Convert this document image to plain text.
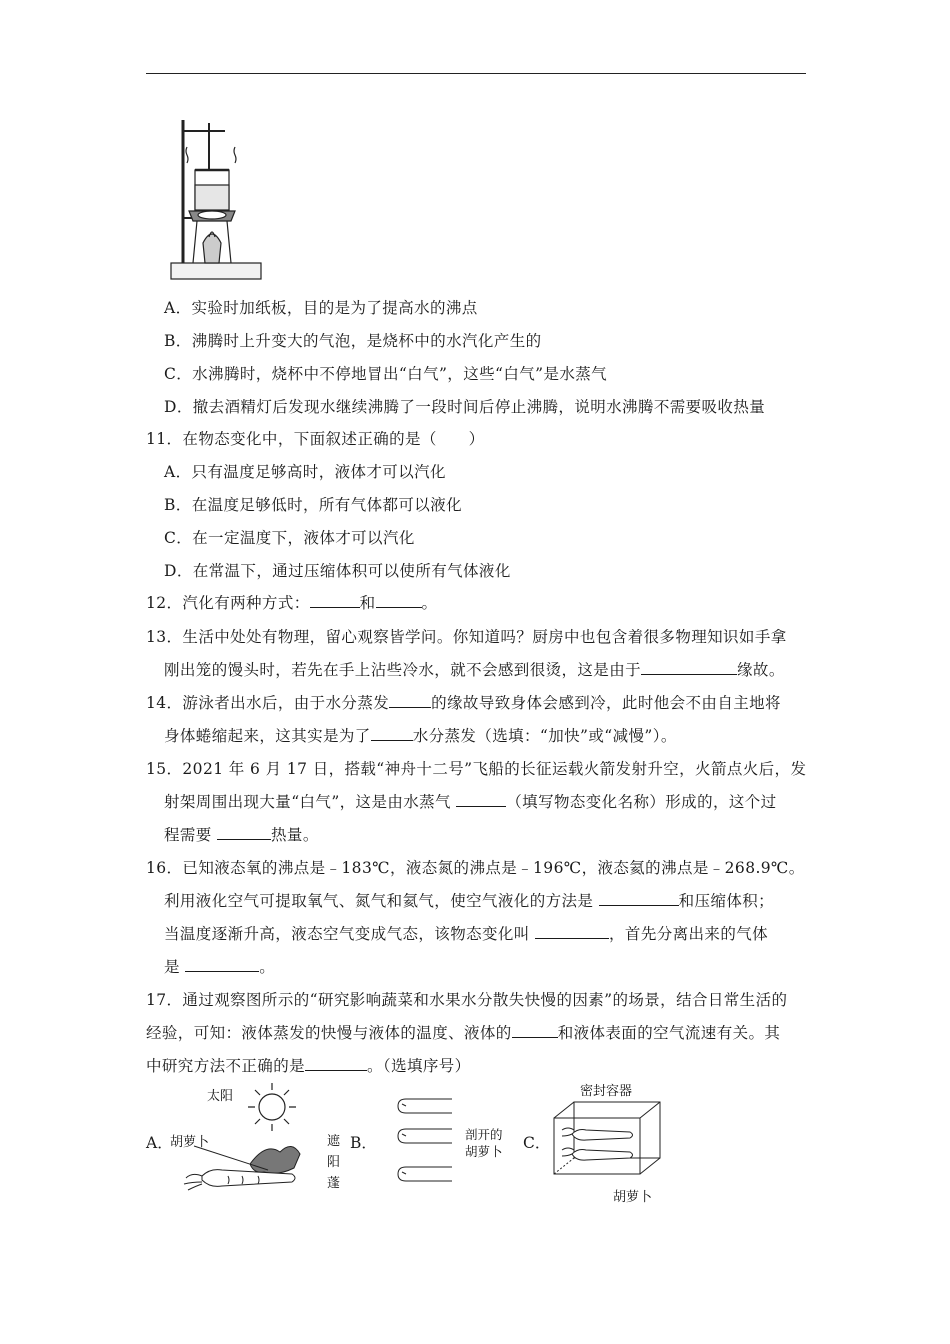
A．实验时加纸板，目的是为了提高水的沸点
B．沸腾时上升变大的气泡，是烧杯中的水汽化产生的
C．水沸腾时，烧杯中不停地冒出“白气”，这些“白气”是水蒸气
D．撤去酒精灯后发现水继续沸腾了一段时间后停止沸腾，说明水沸腾不需要吸收热量
11．在物态变化中，下面叙述正确的是（　　）
A．只有温度足够高时，液体才可以汽化
B．在温度足够低时，所有气体都可以液化
C．在一定温度下，液体才可以汽化
D．在常温下，通过压缩体积可以使所有气体液化
12．汽化有两种方式：	和	。
13．生活中处处有物理，留心观察皆学问。你知道吗？厨房中也包含着很多物理知识如手拿
刚出笼的馒头时，若先在手上沾些冷水，就不会感到很烫，这是由于	缘故。
14．游泳者出水后，由于水分蒸发	的缘故导致身体会感到冷，此时他会不由自主地将
身体蜷缩起来，这其实是为了	水分蒸发（选填：“加快”或“减慢”）。
15．2021 年 6 月 17 日，搭载“神舟十二号”飞船的长征运载火箭发射升空，火箭点火后，发
射架周围出现大量“白气”，这是由水蒸气	（填写物态变化名称）形成的，这个过
程需要	热量。
16．已知液态氧的沸点是﹣183℃，液态氮的沸点是﹣196℃，液态氦的沸点是﹣268.9℃。
利用液化空气可提取氧气、氮气和氦气，使空气液化的方法是	和压缩体积；
当温度逐渐升高，液态空气变成气态，该物态变化叫	，首先分离出来的气体
是	。
17．通过观察图所示的“研究影响蔬菜和水果水分散失快慢的因素”的场景，结合日常生活的
经验，可知：液体蒸发的快慢与液体的温度、液体的	和液体表面的空气流速有关。其
中研究方法不正确的是	。（选填序号）
A．
太阳
胡萝卜	遮
阳
蓬
B．	剖开的
胡萝卜 C．
密封容器
胡萝卜
